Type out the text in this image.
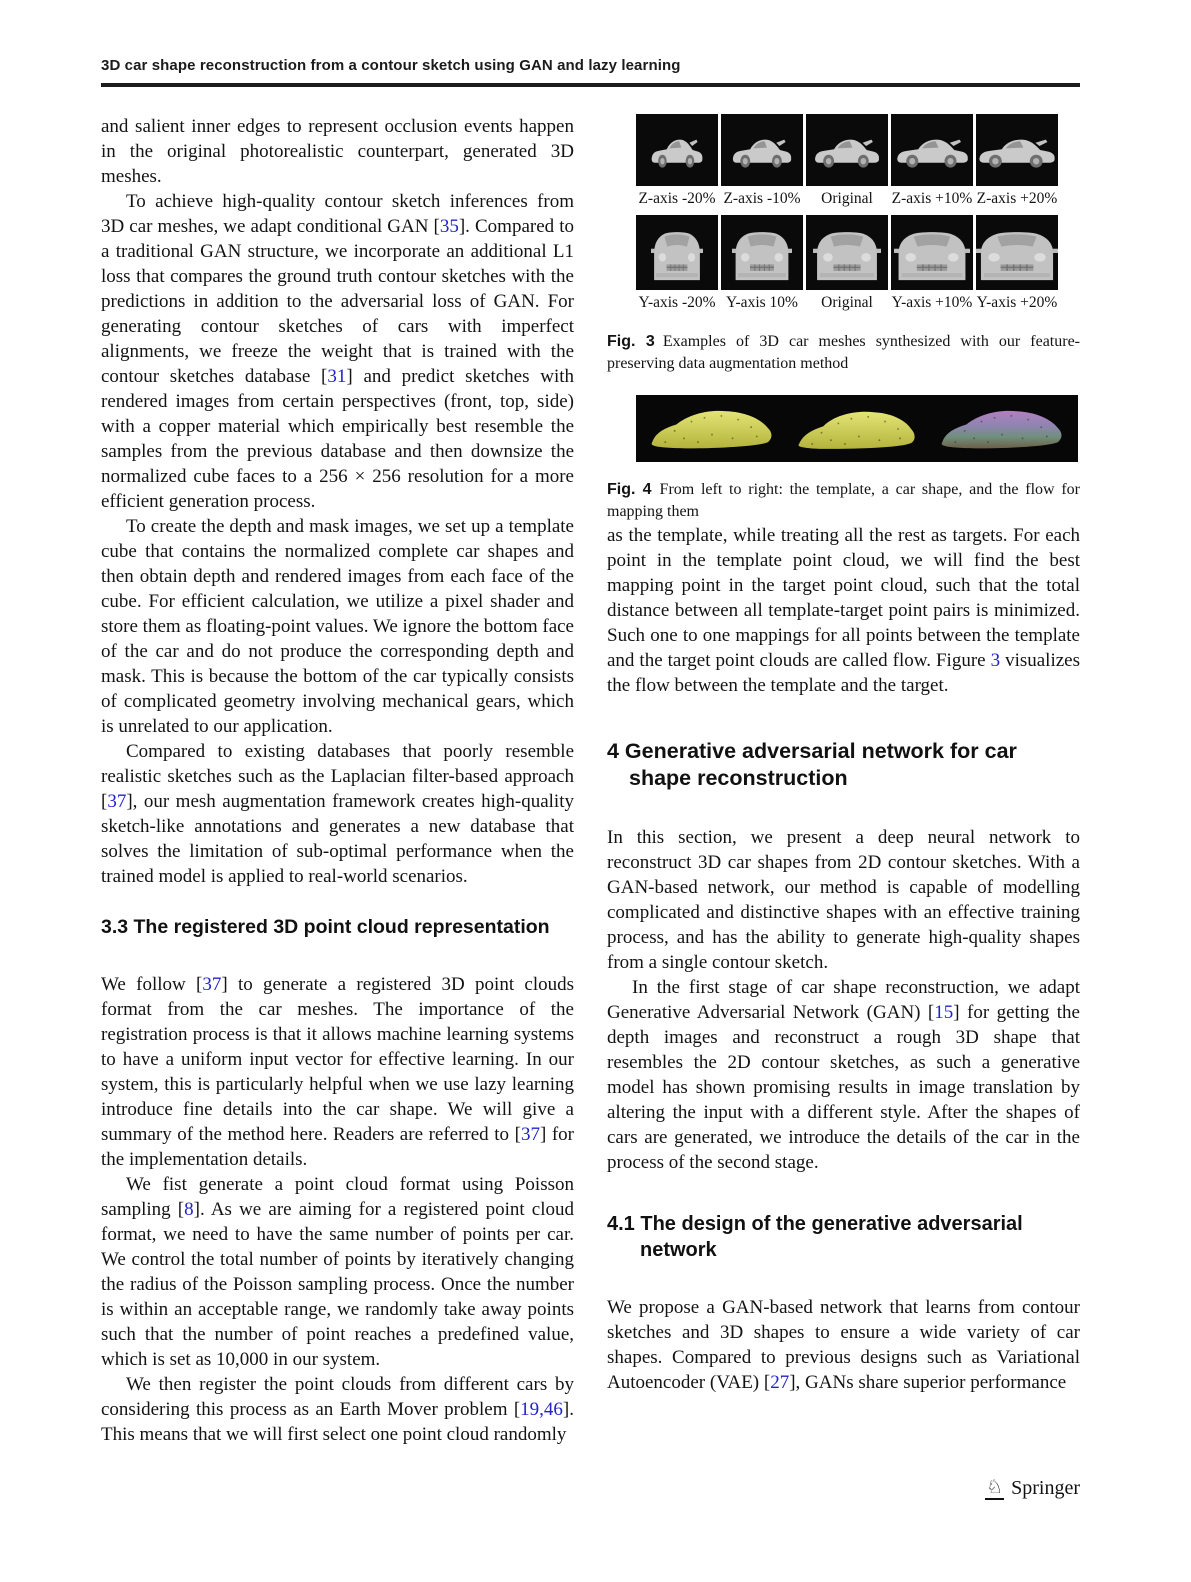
3D car shape reconstruction from a contour sketch using GAN and lazy learning

and salient inner edges to represent occlusion events happen in the original photorealistic counterpart, generated 3D meshes.

To achieve high-quality contour sketch inferences from 3D car meshes, we adapt conditional GAN [35]. Compared to a traditional GAN structure, we incorporate an additional L1 loss that compares the ground truth contour sketches with the predictions in addition to the adversarial loss of GAN. For generating contour sketches of cars with imperfect alignments, we freeze the weight that is trained with the contour sketches database [31] and predict sketches with rendered images from certain perspectives (front, top, side) with a copper material which empirically best resemble the samples from the previous database and then downsize the normalized cube faces to a 256 × 256 resolution for a more efficient generation process.

To create the depth and mask images, we set up a template cube that contains the normalized complete car shapes and then obtain depth and rendered images from each face of the cube. For efficient calculation, we utilize a pixel shader and store them as floating-point values. We ignore the bottom face of the car and do not produce the corresponding depth and mask. This is because the bottom of the car typically consists of complicated geometry involving mechanical gears, which is unrelated to our application.

Compared to existing databases that poorly resemble realistic sketches such as the Laplacian filter-based approach [37], our mesh augmentation framework creates high-quality sketch-like annotations and generates a new database that solves the limitation of sub-optimal performance when the trained model is applied to real-world scenarios.

3.3 The registered 3D point cloud representation

We follow [37] to generate a registered 3D point clouds format from the car meshes. The importance of the registration process is that it allows machine learning systems to have a uniform input vector for effective learning. In our system, this is particularly helpful when we use lazy learning introduce fine details into the car shape. We will give a summary of the method here. Readers are referred to [37] for the implementation details.

We fist generate a point cloud format using Poisson sampling [8]. As we are aiming for a registered point cloud format, we need to have the same number of points per car. We control the total number of points by iteratively changing the radius of the Poisson sampling process. Once the number is within an acceptable range, we randomly take away points such that the number of point reaches a predefined value, which is set as 10,000 in our system.

We then register the point clouds from different cars by considering this process as an Earth Mover problem [19,46]. This means that we will first select one point cloud randomly

Z-axis -20% Z-axis -10%	Original	Z-axis +10% Z-axis +20%
Y-axis -20% Y-axis 10%	Original	Y-axis +10% Y-axis +20%
Fig. 3 Examples of 3D car meshes synthesized with our feature-preserving data augmentation method
Fig. 4 From left to right: the template, a car shape, and the flow for mapping them

as the template, while treating all the rest as targets. For each point in the template point cloud, we will find the best mapping point in the target point cloud, such that the total distance between all template-target point pairs is minimized. Such one to one mappings for all points between the template and the target point clouds are called flow. Figure 3 visualizes the flow between the template and the target.

4 Generative adversarial network for car shape reconstruction

In this section, we present a deep neural network to reconstruct 3D car shapes from 2D contour sketches. With a GAN-based network, our method is capable of modelling complicated and distinctive shapes with an effective training process, and has the ability to generate high-quality shapes from a single contour sketch.

In the first stage of car shape reconstruction, we adapt Generative Adversarial Network (GAN) [15] for getting the depth images and reconstruct a rough 3D shape that resembles the 2D contour sketches, as such a generative model has shown promising results in image translation by altering the input with a different style. After the shapes of cars are generated, we introduce the details of the car in the process of the second stage.

4.1 The design of the generative adversarial network

We propose a GAN-based network that learns from contour sketches and 3D shapes to ensure a wide variety of car shapes. Compared to previous designs such as Variational Autoencoder (VAE) [27], GANs share superior performance

♘ Springer
